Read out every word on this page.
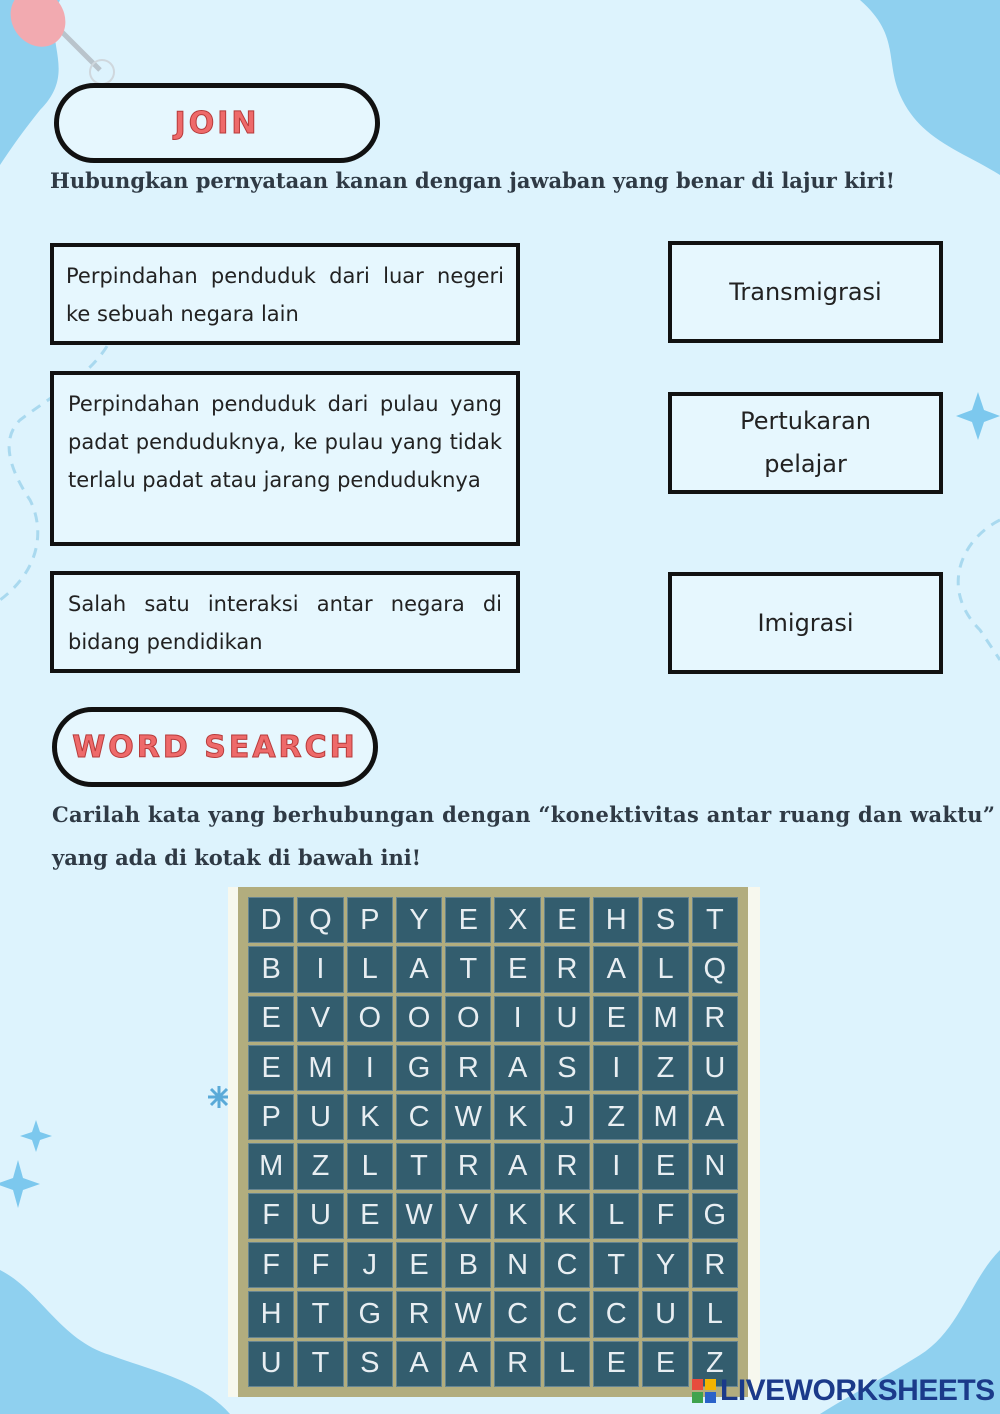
JOIN
Hubungkan pernyataan kanan dengan jawaban yang benar di lajur kiri!
Perpindahan penduduk dari luar negeri ke sebuah negara lain
Perpindahan penduduk dari pulau yang padat penduduknya, ke pulau yang tidak terlalu padat atau jarang penduduknya
Salah satu interaksi antar negara di bidang pendidikan
Transmigrasi
Pertukaran pelajar
Imigrasi
WORD SEARCH
Carilah kata yang berhubungan dengan “konektivitas antar ruang dan waktu”
yang ada di kotak di bawah ini!
D Q P	Y	E	X	E	H	S	T
B	I	L	A	T	E	R	A	L	Q
E	V O O O	I	U	E M R
E M	I	G R	A	S	I	Z	U
P	U	K	C W K	J	Z M A
M Z	L	T	R	A	R	I	E	N
F	U	E W V	K	K	L	F	G
F	F	J	E	B	N C	T	Y	R
H	T	G R W C C C U	L
U	T	S	A	A	R	L	E	E	Z
LIVEWORKSHEETS
